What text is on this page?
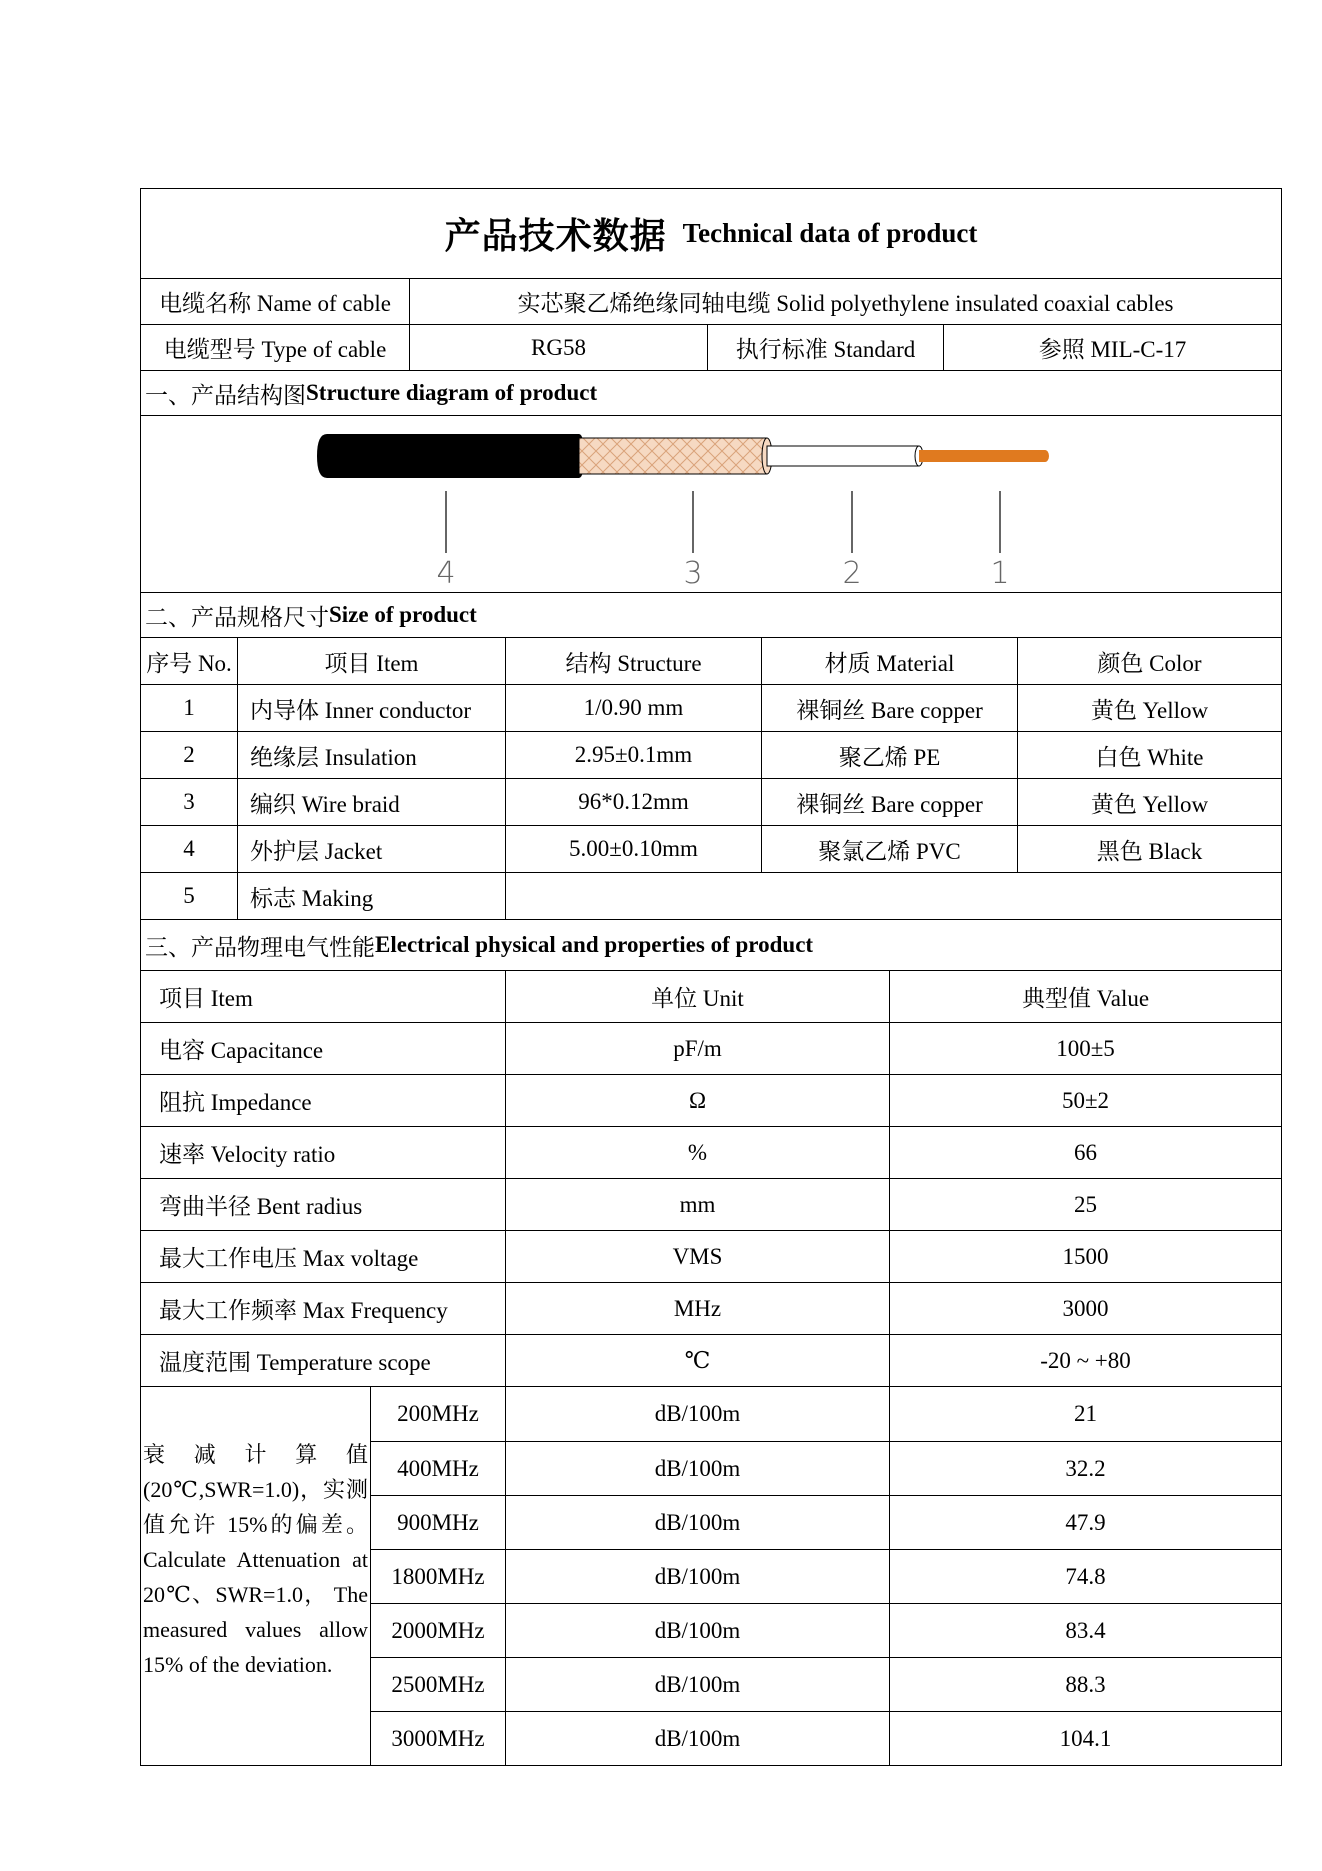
产品技术数据 Technical data of product
电缆名称 Name of cable	实芯聚乙烯绝缘同轴电缆 Solid polyethylene insulated coaxial cables
电缆型号 Type of cable	RG58	执行标准 Standard	参照 MIL-C-17
一、产品结构图 Structure diagram of product
4	3	2	1
二、产品规格尺寸 Size of product
序号 No.	项目 Item	结构 Structure	材质 Material	颜色 Color
1	内导体 Inner conductor	1/0.90 mm	裸铜丝 Bare copper	黄色 Yellow
2	绝缘层 Insulation	2.95±0.1mm	聚乙烯 PE	白色 White
3	编织 Wire braid	96*0.12mm	裸铜丝 Bare copper	黄色 Yellow
4	外护层 Jacket	5.00±0.10mm	聚氯乙烯 PVC	黑色 Black
5	标志 Making
三、产品物理电气性能 Electrical physical and properties of product
项目 Item	单位 Unit	典型值 Value
电容 Capacitance	pF/m	100±5
阻抗 Impedance	Ω	50±2
速率 Velocity ratio	%	66
弯曲半径 Bent radius	mm	25
最大工作电压 Max voltage	VMS	1500
最大工作频率 Max Frequency	MHz	3000
温度范围 Temperature scope	℃	-20 ~ +80
衰减计算值(20℃,SWR=1.0)，实测值允许 15%的偏差。Calculate Attenuation at 20℃、SWR=1.0， The measured values allow 15% of the deviation.
200MHz	dB/100m	21
400MHz	dB/100m	32.2
900MHz	dB/100m	47.9
1800MHz	dB/100m	74.8
2000MHz	dB/100m	83.4
2500MHz	dB/100m	88.3
3000MHz	dB/100m	104.1
